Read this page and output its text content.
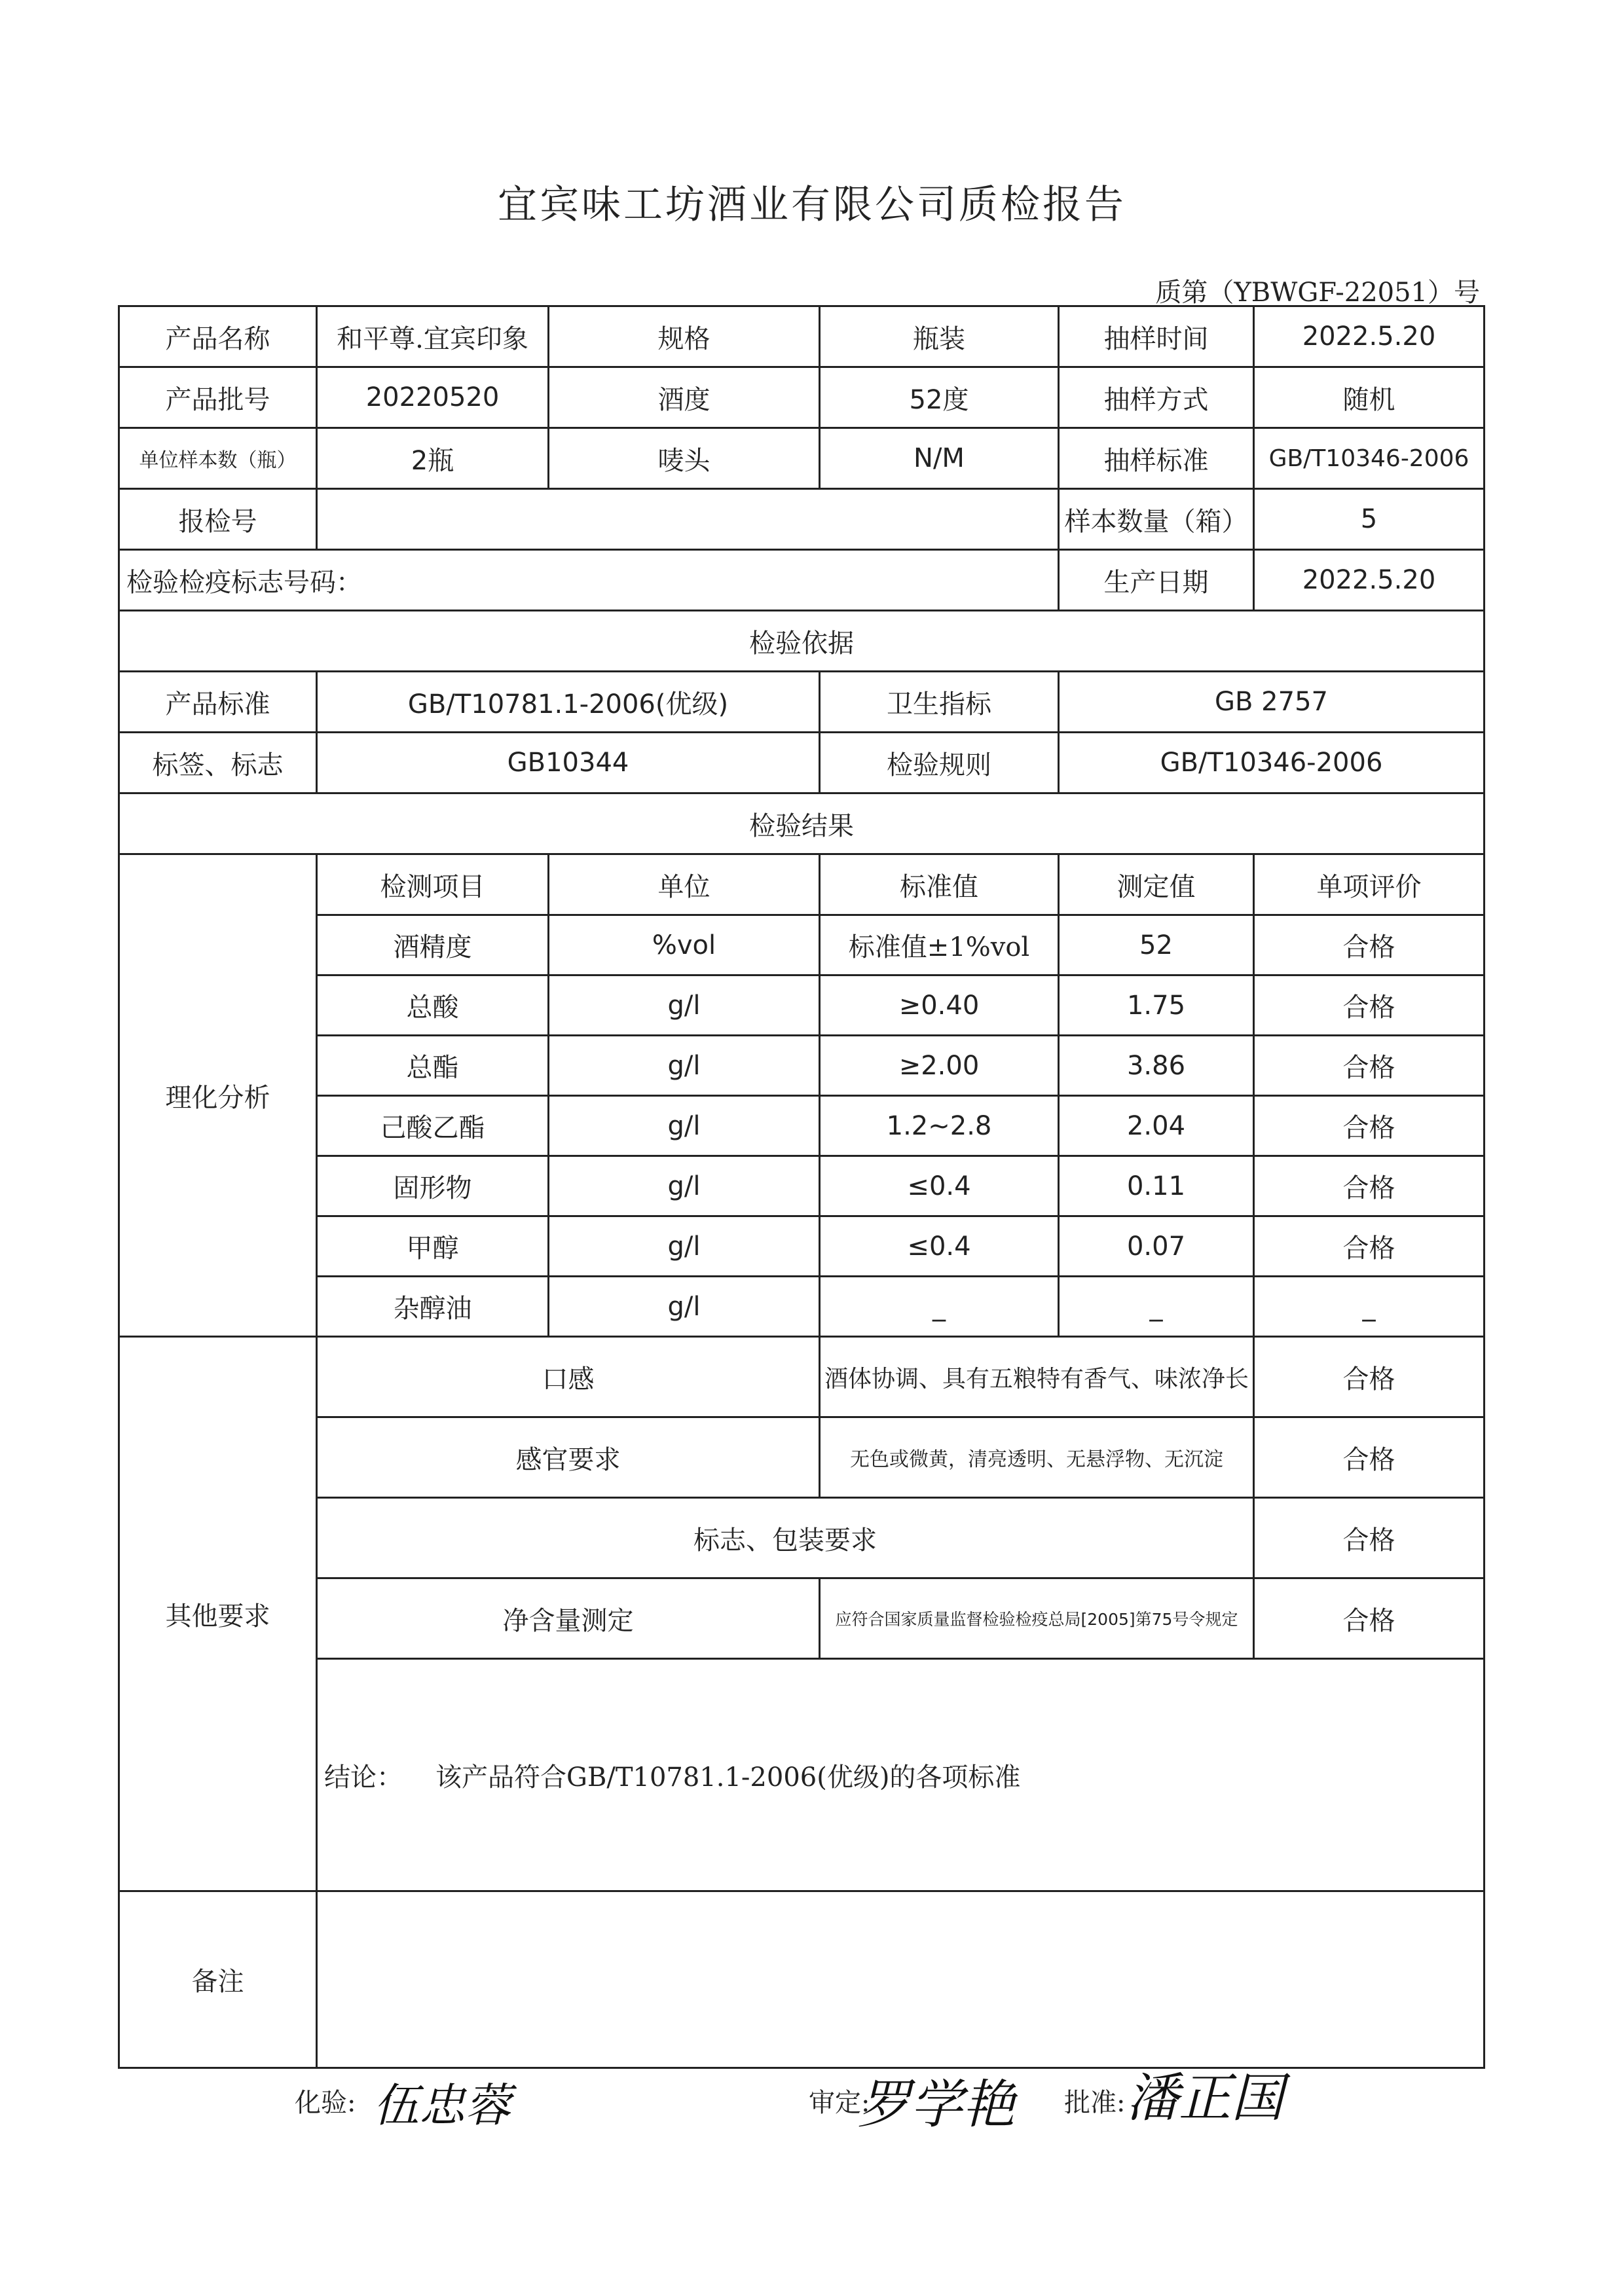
宜宾味工坊酒业有限公司质检报告
质第（YBWGF-22051）号
产品名称	和平尊.宜宾印象	规格	瓶装	抽样时间	2022.5.20
产品批号	20220520	酒度	52度	抽样方式	随机
单位样本数（瓶）	2瓶	唛头	N/M	抽样标准	GB/T10346-2006
报检号				样本数量（箱）	5
检验检疫标志号码：				生产日期	2022.5.20
检验依据					
产品标准	GB/T10781.1-2006(优级)		卫生指标	GB 2757	
标签、标志	GB10344		检验规则	GB/T10346-2006	
检验结果					
理化分析	检测项目	单位	标准值	测定值	单项评价
	酒精度	%vol	标准值±1%vol	52	合格
	总酸	g/l	≥0.40	1.75	合格
	总酯	g/l	≥2.00	3.86	合格
	己酸乙酯	g/l	1.2~2.8	2.04	合格
	固形物	g/l	≤0.4	0.11	合格
	甲醇	g/l	≤0.4	0.07	合格
	杂醇油	g/l	_	_	_
其他要求	口感		酒体协调、具有五粮特有香气、味浓净长		合格
	感官要求		无色或微黄，清亮透明、无悬浮物、无沉淀		合格
	标志、包装要求				合格
	净含量测定		应符合国家质量监督检验检疫总局[2005]第75号令规定		合格
	结论： 该产品符合GB/T10781.1-2006(优级)的各项标准				
备注					
化验: 伍忠蓉	审定:
罗学艳 批准: 潘正国
